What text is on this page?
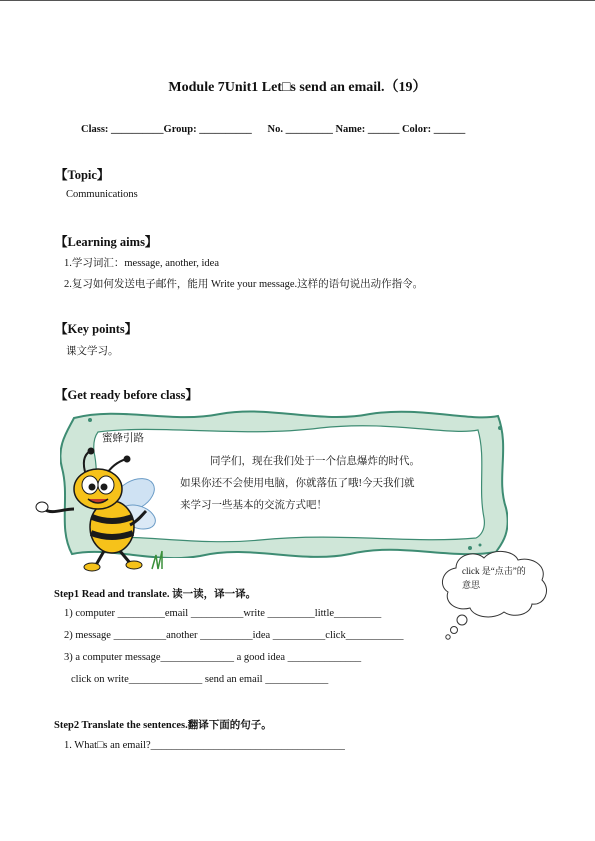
Module 7Unit1 Let□s send an email.（19）
Class: __________Group: __________ No. _________ Name: ______ Color: ______
【Topic】
Communications
【Learning aims】
1.学习词汇：message, another, idea
2.复习如何发送电子邮件，能用 Write your message.这样的语句说出动作指令。
【Key points】
课文学习。
【Get ready before class】
蜜蜂引路
同学们，现在我们处于一个信息爆炸的时代。
如果你还不会使用电脑，你就落伍了哦!今天我们就
来学习一些基本的交流方式吧！
click 是“点击”的意思
Step1 Read and translate. 读一读，译一译。
1) computer _________email __________write _________little_________
2) message __________another __________idea __________click___________
3) a computer message______________ a good idea ______________
click on write______________ send an email ____________
Step2 Translate the sentences.翻译下面的句子。
1. What□s an email?_____________________________________
